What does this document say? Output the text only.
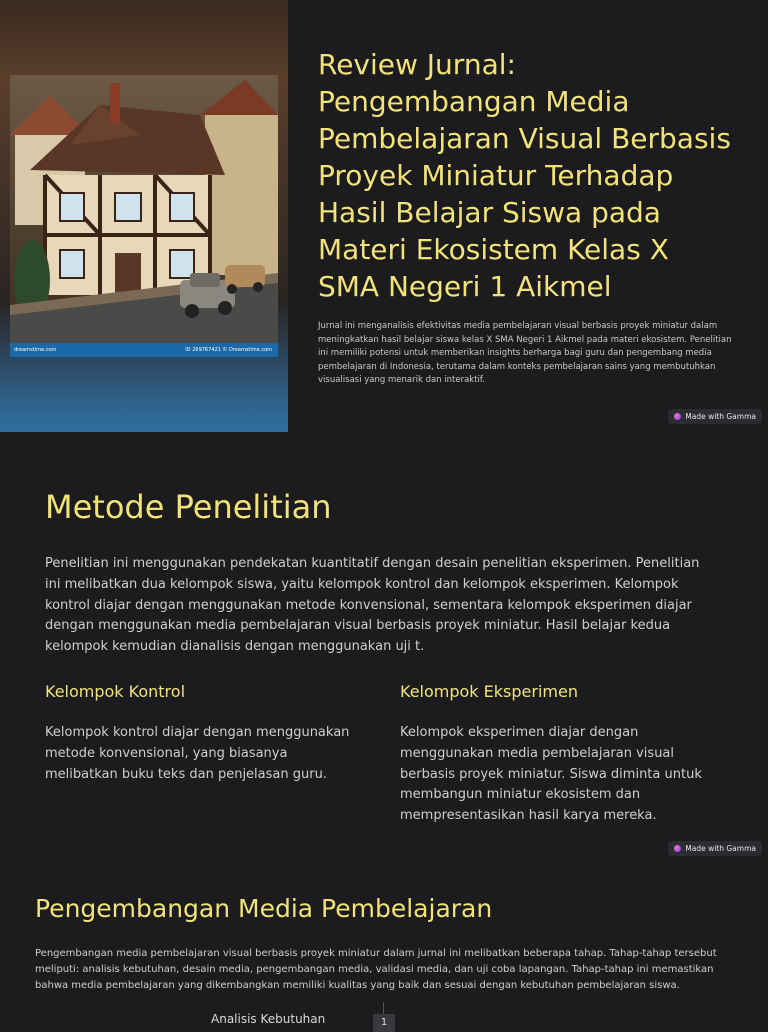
dreamstime.com	ID 269767421 © Dreamstime.com
Review Jurnal: Pengembangan Media Pembelajaran Visual Berbasis Proyek Miniatur Terhadap Hasil Belajar Siswa pada Materi Ekosistem Kelas X SMA Negeri 1 Aikmel

Jurnal ini menganalisis efektivitas media pembelajaran visual berbasis proyek miniatur dalam meningkatkan hasil belajar siswa kelas X SMA Negeri 1 Aikmel pada materi ekosistem. Penelitian ini memiliki potensi untuk memberikan insights berharga bagi guru dan pengembang media pembelajaran di Indonesia, terutama dalam konteks pembelajaran sains yang membutuhkan visualisasi yang menarik dan interaktif.

Made with Gamma
Metode Penelitian

Penelitian ini menggunakan pendekatan kuantitatif dengan desain penelitian eksperimen. Penelitian ini melibatkan dua kelompok siswa, yaitu kelompok kontrol dan kelompok eksperimen. Kelompok kontrol diajar dengan menggunakan metode konvensional, sementara kelompok eksperimen diajar dengan menggunakan media pembelajaran visual berbasis proyek miniatur. Hasil belajar kedua kelompok kemudian dianalisis dengan menggunakan uji t.

Kelompok Kontrol

Kelompok kontrol diajar dengan menggunakan metode konvensional, yang biasanya melibatkan buku teks dan penjelasan guru.

Kelompok Eksperimen

Kelompok eksperimen diajar dengan menggunakan media pembelajaran visual berbasis proyek miniatur. Siswa diminta untuk membangun miniatur ekosistem dan mempresentasikan hasil karya mereka.

Made with Gamma
Pengembangan Media Pembelajaran

Pengembangan media pembelajaran visual berbasis proyek miniatur dalam jurnal ini melibatkan beberapa tahap. Tahap-tahap tersebut meliputi: analisis kebutuhan, desain media, pengembangan media, validasi media, dan uji coba lapangan. Tahap-tahap ini memastikan bahwa media pembelajaran yang dikembangkan memiliki kualitas yang baik dan sesuai dengan kebutuhan pembelajaran siswa.

Analisis Kebutuhan	1
